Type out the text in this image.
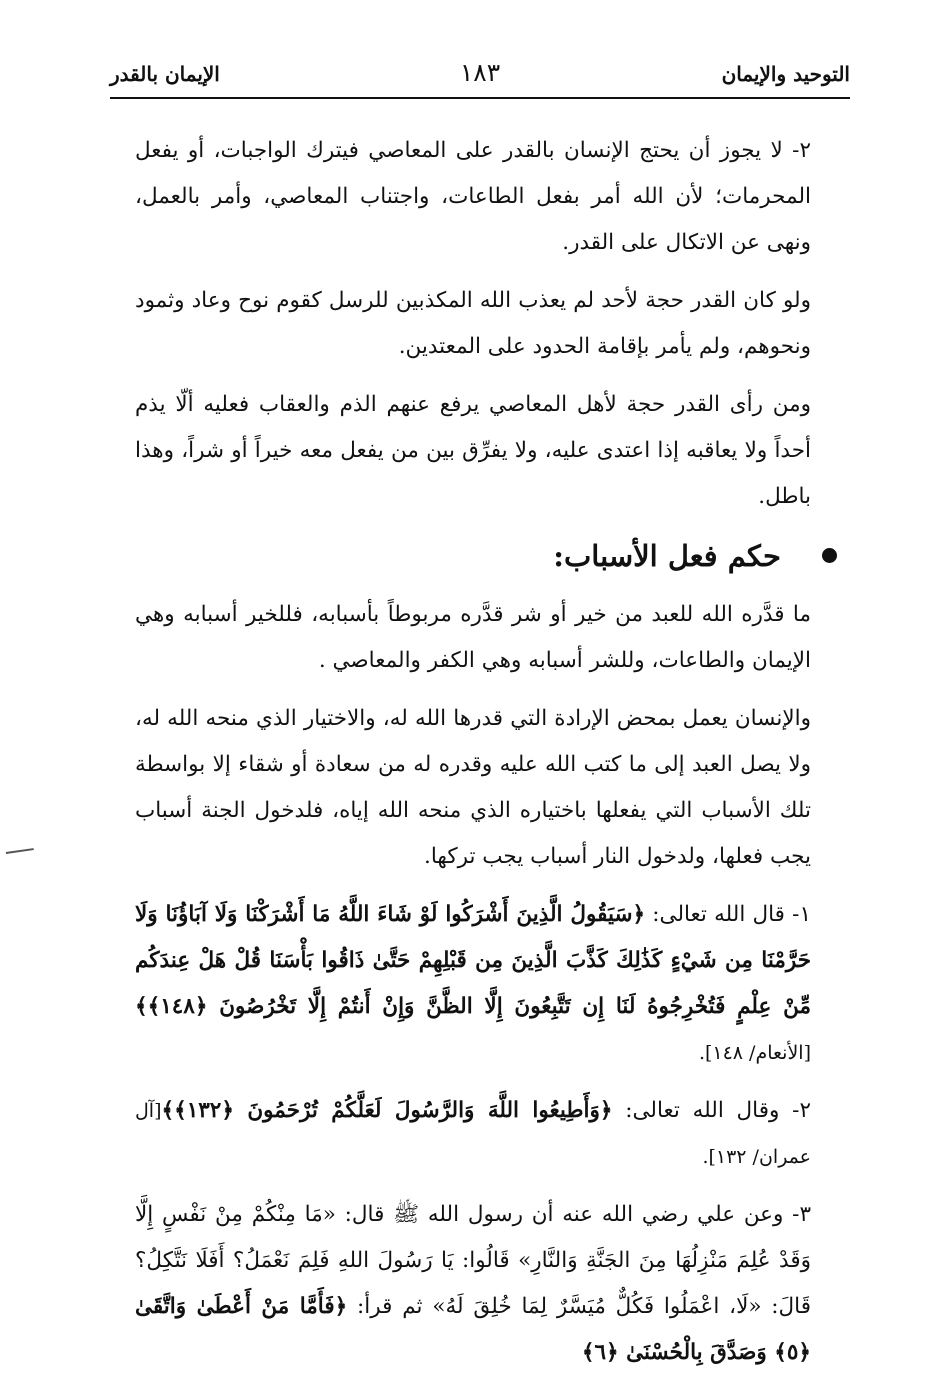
التوحيد والإيمان
١٨٣
الإيمان بالقدر

٢- لا يجوز أن يحتج الإنسان بالقدر على المعاصي فيترك الواجبات، أو يفعل المحرمات؛ لأن الله أمر بفعل الطاعات، واجتناب المعاصي، وأمر بالعمل، ونهى عن الاتكال على القدر.

ولو كان القدر حجة لأحد لم يعذب الله المكذبين للرسل كقوم نوح وعاد وثمود ونحوهم، ولم يأمر بإقامة الحدود على المعتدين.

ومن رأى القدر حجة لأهل المعاصي يرفع عنهم الذم والعقاب فعليه ألّا يذم أحداً ولا يعاقبه إذا اعتدى عليه، ولا يفرِّق بين من يفعل معه خيراً أو شراً، وهذا باطل.

حكم فعل الأسباب:

ما قدَّره الله للعبد من خير أو شر قدَّره مربوطاً بأسبابه، فللخير أسبابه وهي الإيمان والطاعات، وللشر أسبابه وهي الكفر والمعاصي .

والإنسان يعمل بمحض الإرادة التي قدرها الله له، والاختيار الذي منحه الله له، ولا يصل العبد إلى ما كتب الله عليه وقدره له من سعادة أو شقاء إلا بواسطة تلك الأسباب التي يفعلها باختياره الذي منحه الله إياه، فلدخول الجنة أسباب يجب فعلها، ولدخول النار أسباب يجب تركها.

١- قال الله تعالى: ﴿سَيَقُولُ الَّذِينَ أَشْرَكُوا لَوْ شَاءَ اللَّهُ مَا أَشْرَكْنَا وَلَا آبَاؤُنَا وَلَا حَرَّمْنَا مِن شَيْءٍ كَذَٰلِكَ كَذَّبَ الَّذِينَ مِن قَبْلِهِمْ حَتَّىٰ ذَاقُوا بَأْسَنَا قُلْ هَلْ عِندَكُم مِّنْ عِلْمٍ فَتُخْرِجُوهُ لَنَا إِن تَتَّبِعُونَ إِلَّا الظَّنَّ وَإِنْ أَنتُمْ إِلَّا تَخْرُصُونَ ﴿١٤٨﴾﴾ [الأنعام/ ١٤٨].

٢- وقال الله تعالى: ﴿وَأَطِيعُوا اللَّهَ وَالرَّسُولَ لَعَلَّكُمْ تُرْحَمُونَ ﴿١٣٢﴾﴾[آل عمران/ ١٣٢].

٣- وعن علي رضي الله عنه أن رسول الله ﷺ قال: «مَا مِنْكُمْ مِنْ نَفْسٍ إِلَّا وَقَدْ عُلِمَ مَنْزِلُهَا مِنَ الجَنَّةِ وَالنَّارِ» قَالُوا: يَا رَسُولَ اللهِ فَلِمَ نَعْمَلُ؟ أَفَلَا نَتَّكِلُ؟ قَالَ: «لَا، اعْمَلُوا فَكُلٌّ مُيَسَّرٌ لِمَا خُلِقَ لَهُ» ثم قرأ: ﴿فَأَمَّا مَنْ أَعْطَىٰ وَاتَّقَىٰ ﴿٥﴾ وَصَدَّقَ بِالْحُسْنَىٰ ﴿٦﴾
